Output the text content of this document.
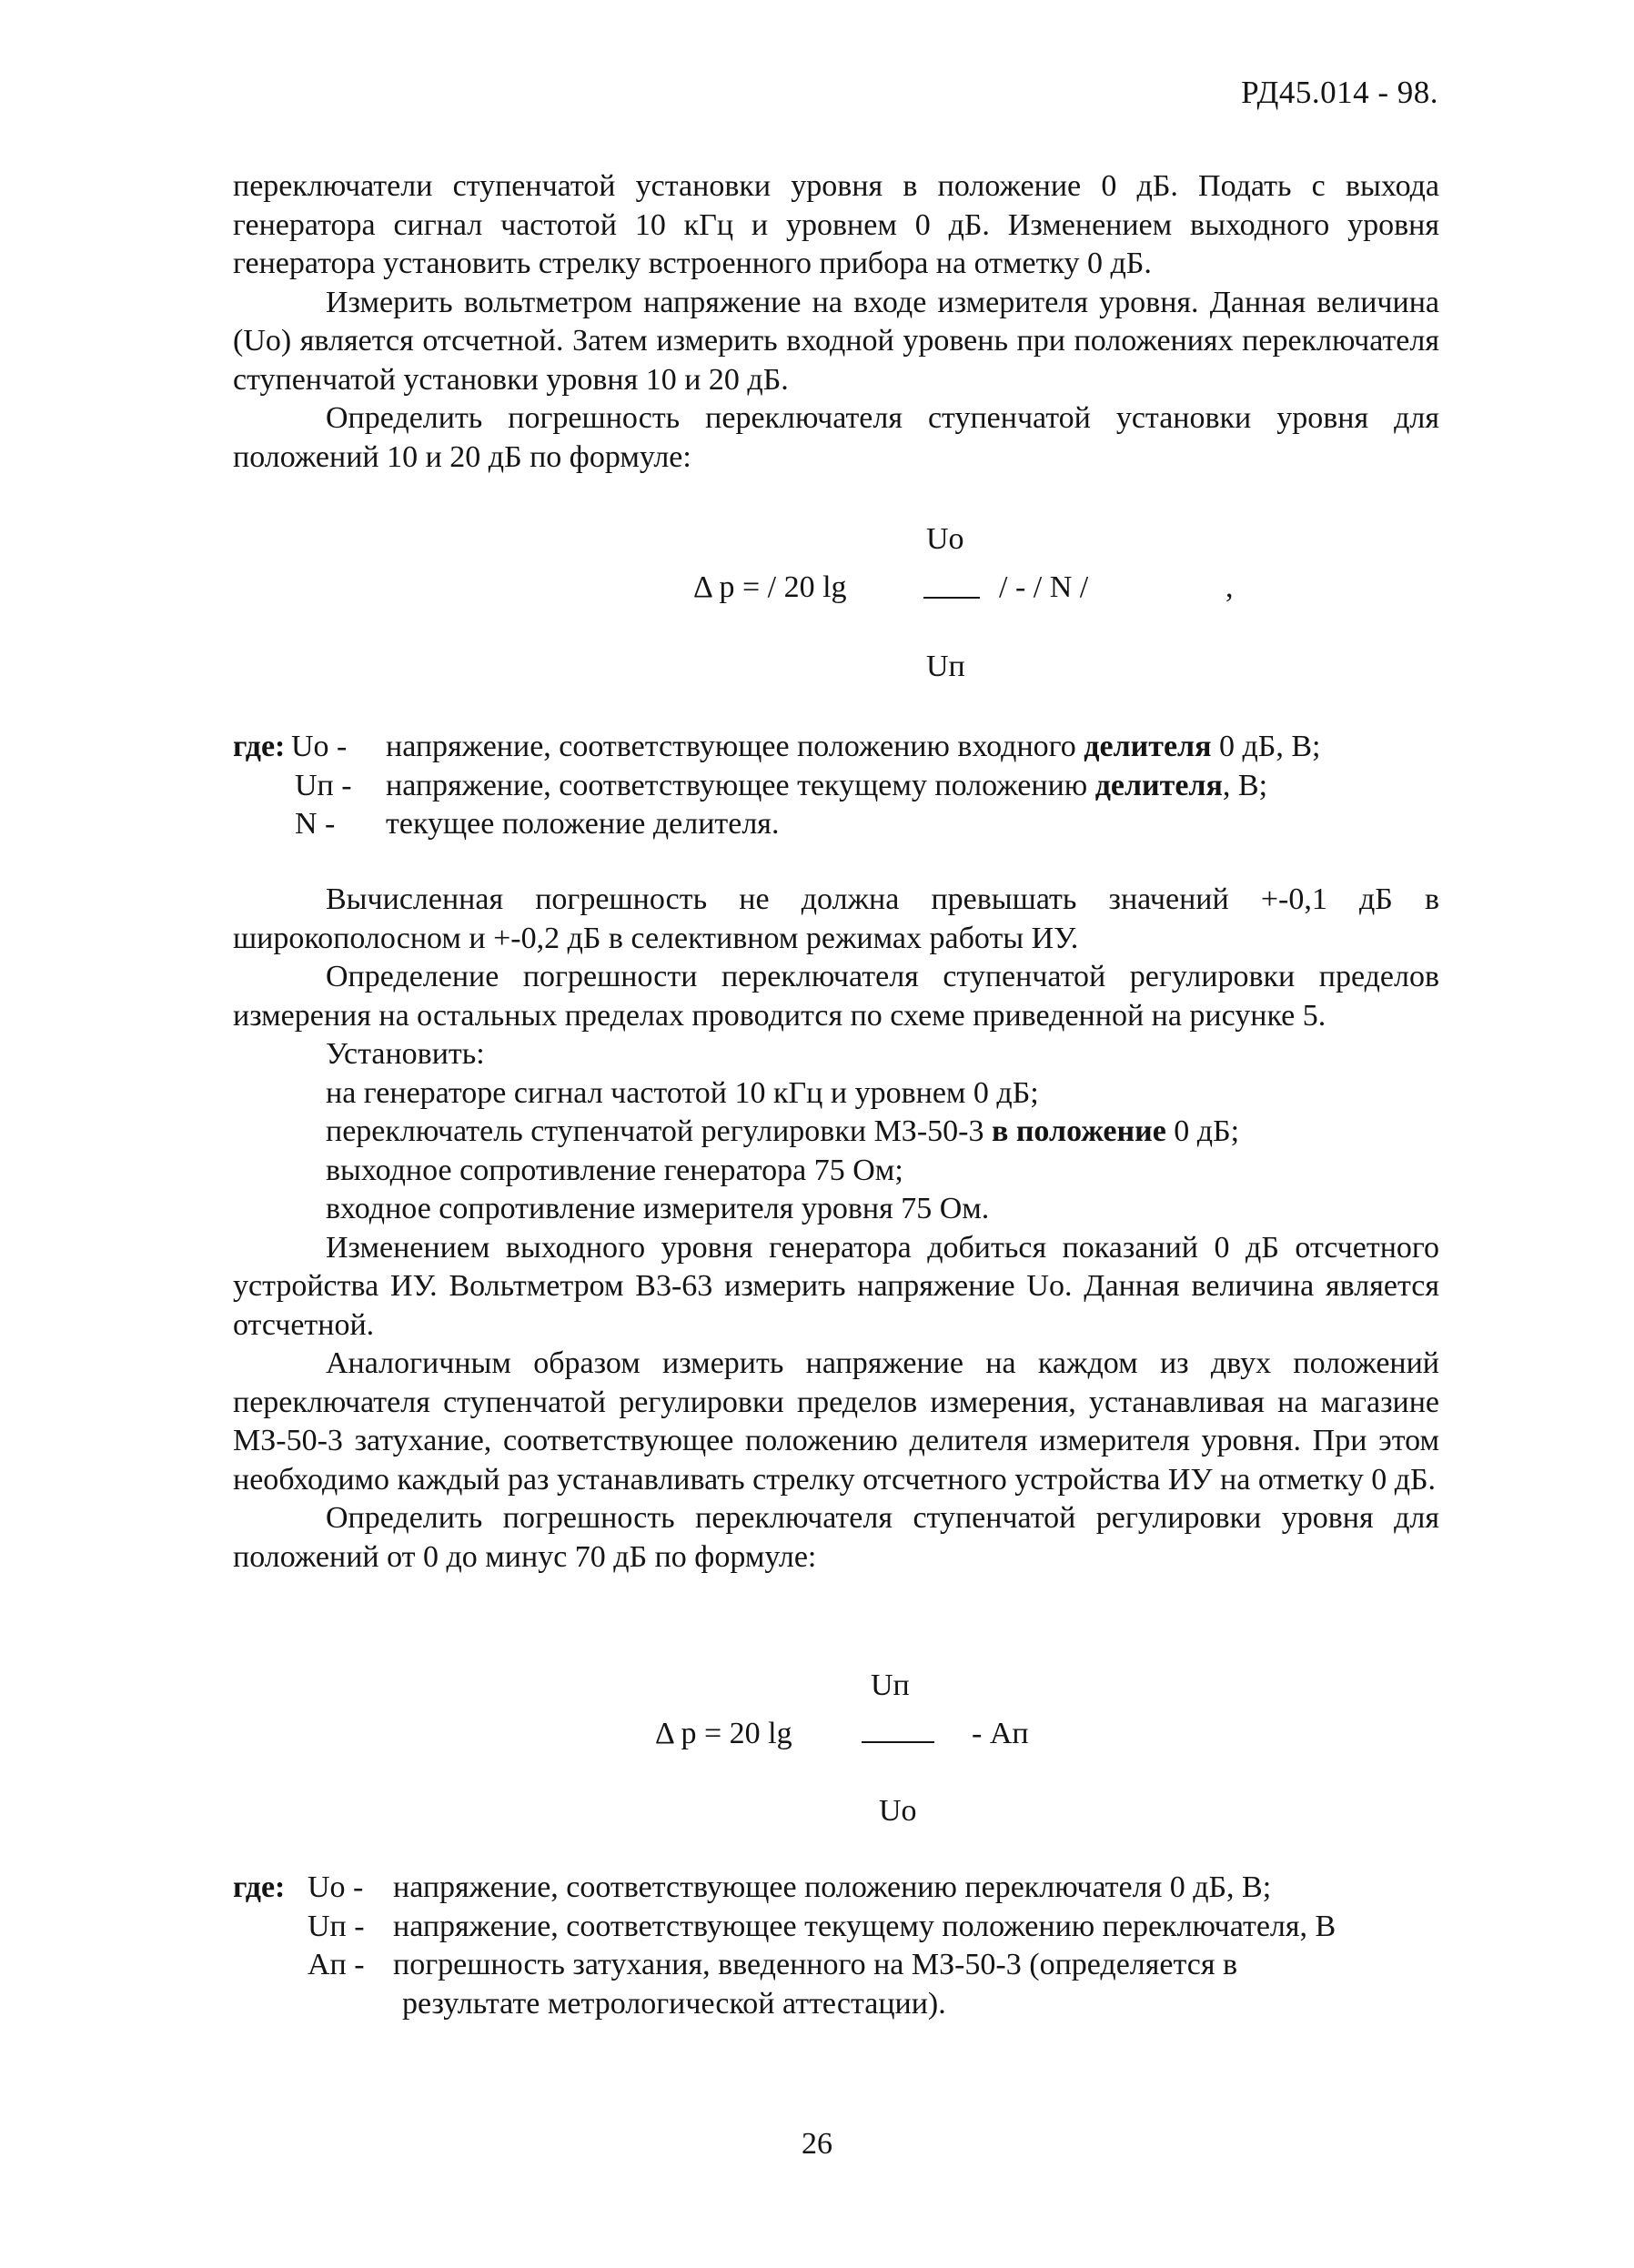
РД45.014 - 98.

переключатели ступенчатой установки уровня в положение 0 дБ. Подать с выхода генератора сигнал частотой 10 кГц и уровнем 0 дБ. Изменением выходного уровня генератора установить стрелку встроенного прибора на отметку 0 дБ.

Измерить вольтметром напряжение на входе измерителя уровня. Данная величина (Uo) является отсчетной. Затем измерить входной уровень при положениях переключателя ступенчатой установки уровня 10 и 20 дБ.

Определить погрешность переключателя ступенчатой установки уровня для положений 10 и 20 дБ по формуле:

Uo
Δ р = / 20 lg	/ - / N /	,
Uп
где: Uo -	напряжение, соответствующее положению входного делителя 0 дБ, В;
Uп -	напряжение, соответствующее текущему положению делителя, В;
N -	текущее положение делителя.

Вычисленная погрешность не должна превышать значений +-0,1 дБ в широкополосном и +-0,2 дБ в селективном режимах работы ИУ.

Определение погрешности переключателя ступенчатой регулировки пределов измерения на остальных пределах проводится по схеме приведенной на рисунке 5.

Установить:

на генераторе сигнал частотой 10 кГц и уровнем 0 дБ;

переключатель ступенчатой регулировки МЗ-50-3 в положение 0 дБ;

выходное сопротивление генератора 75 Ом;

входное сопротивление измерителя уровня 75 Ом.

Изменением выходного уровня генератора добиться показаний 0 дБ отсчетного устройства ИУ. Вольтметром В3-63 измерить напряжение Uo. Данная величина является отсчетной.

Аналогичным образом измерить напряжение на каждом из двух положений переключателя ступенчатой регулировки пределов измерения, устанавливая на магазине МЗ-50-3 затухание, соответствующее положению делителя измерителя уровня. При этом необходимо каждый раз устанавливать стрелку отсчетного устройства ИУ на отметку 0 дБ.

Определить погрешность переключателя ступенчатой регулировки уровня для положений от 0 до минус 70 дБ по формуле:

Uп
Δ р = 20 lg	- Ап
Uo
где: Uo - напряжение, соответствующее положению переключателя 0 дБ, В;
Uп - напряжение, соответствующее текущему положению переключателя, В
Ап - погрешность затухания, введенного на МЗ-50-3 (определяется в
результате метрологической аттестации).
26
